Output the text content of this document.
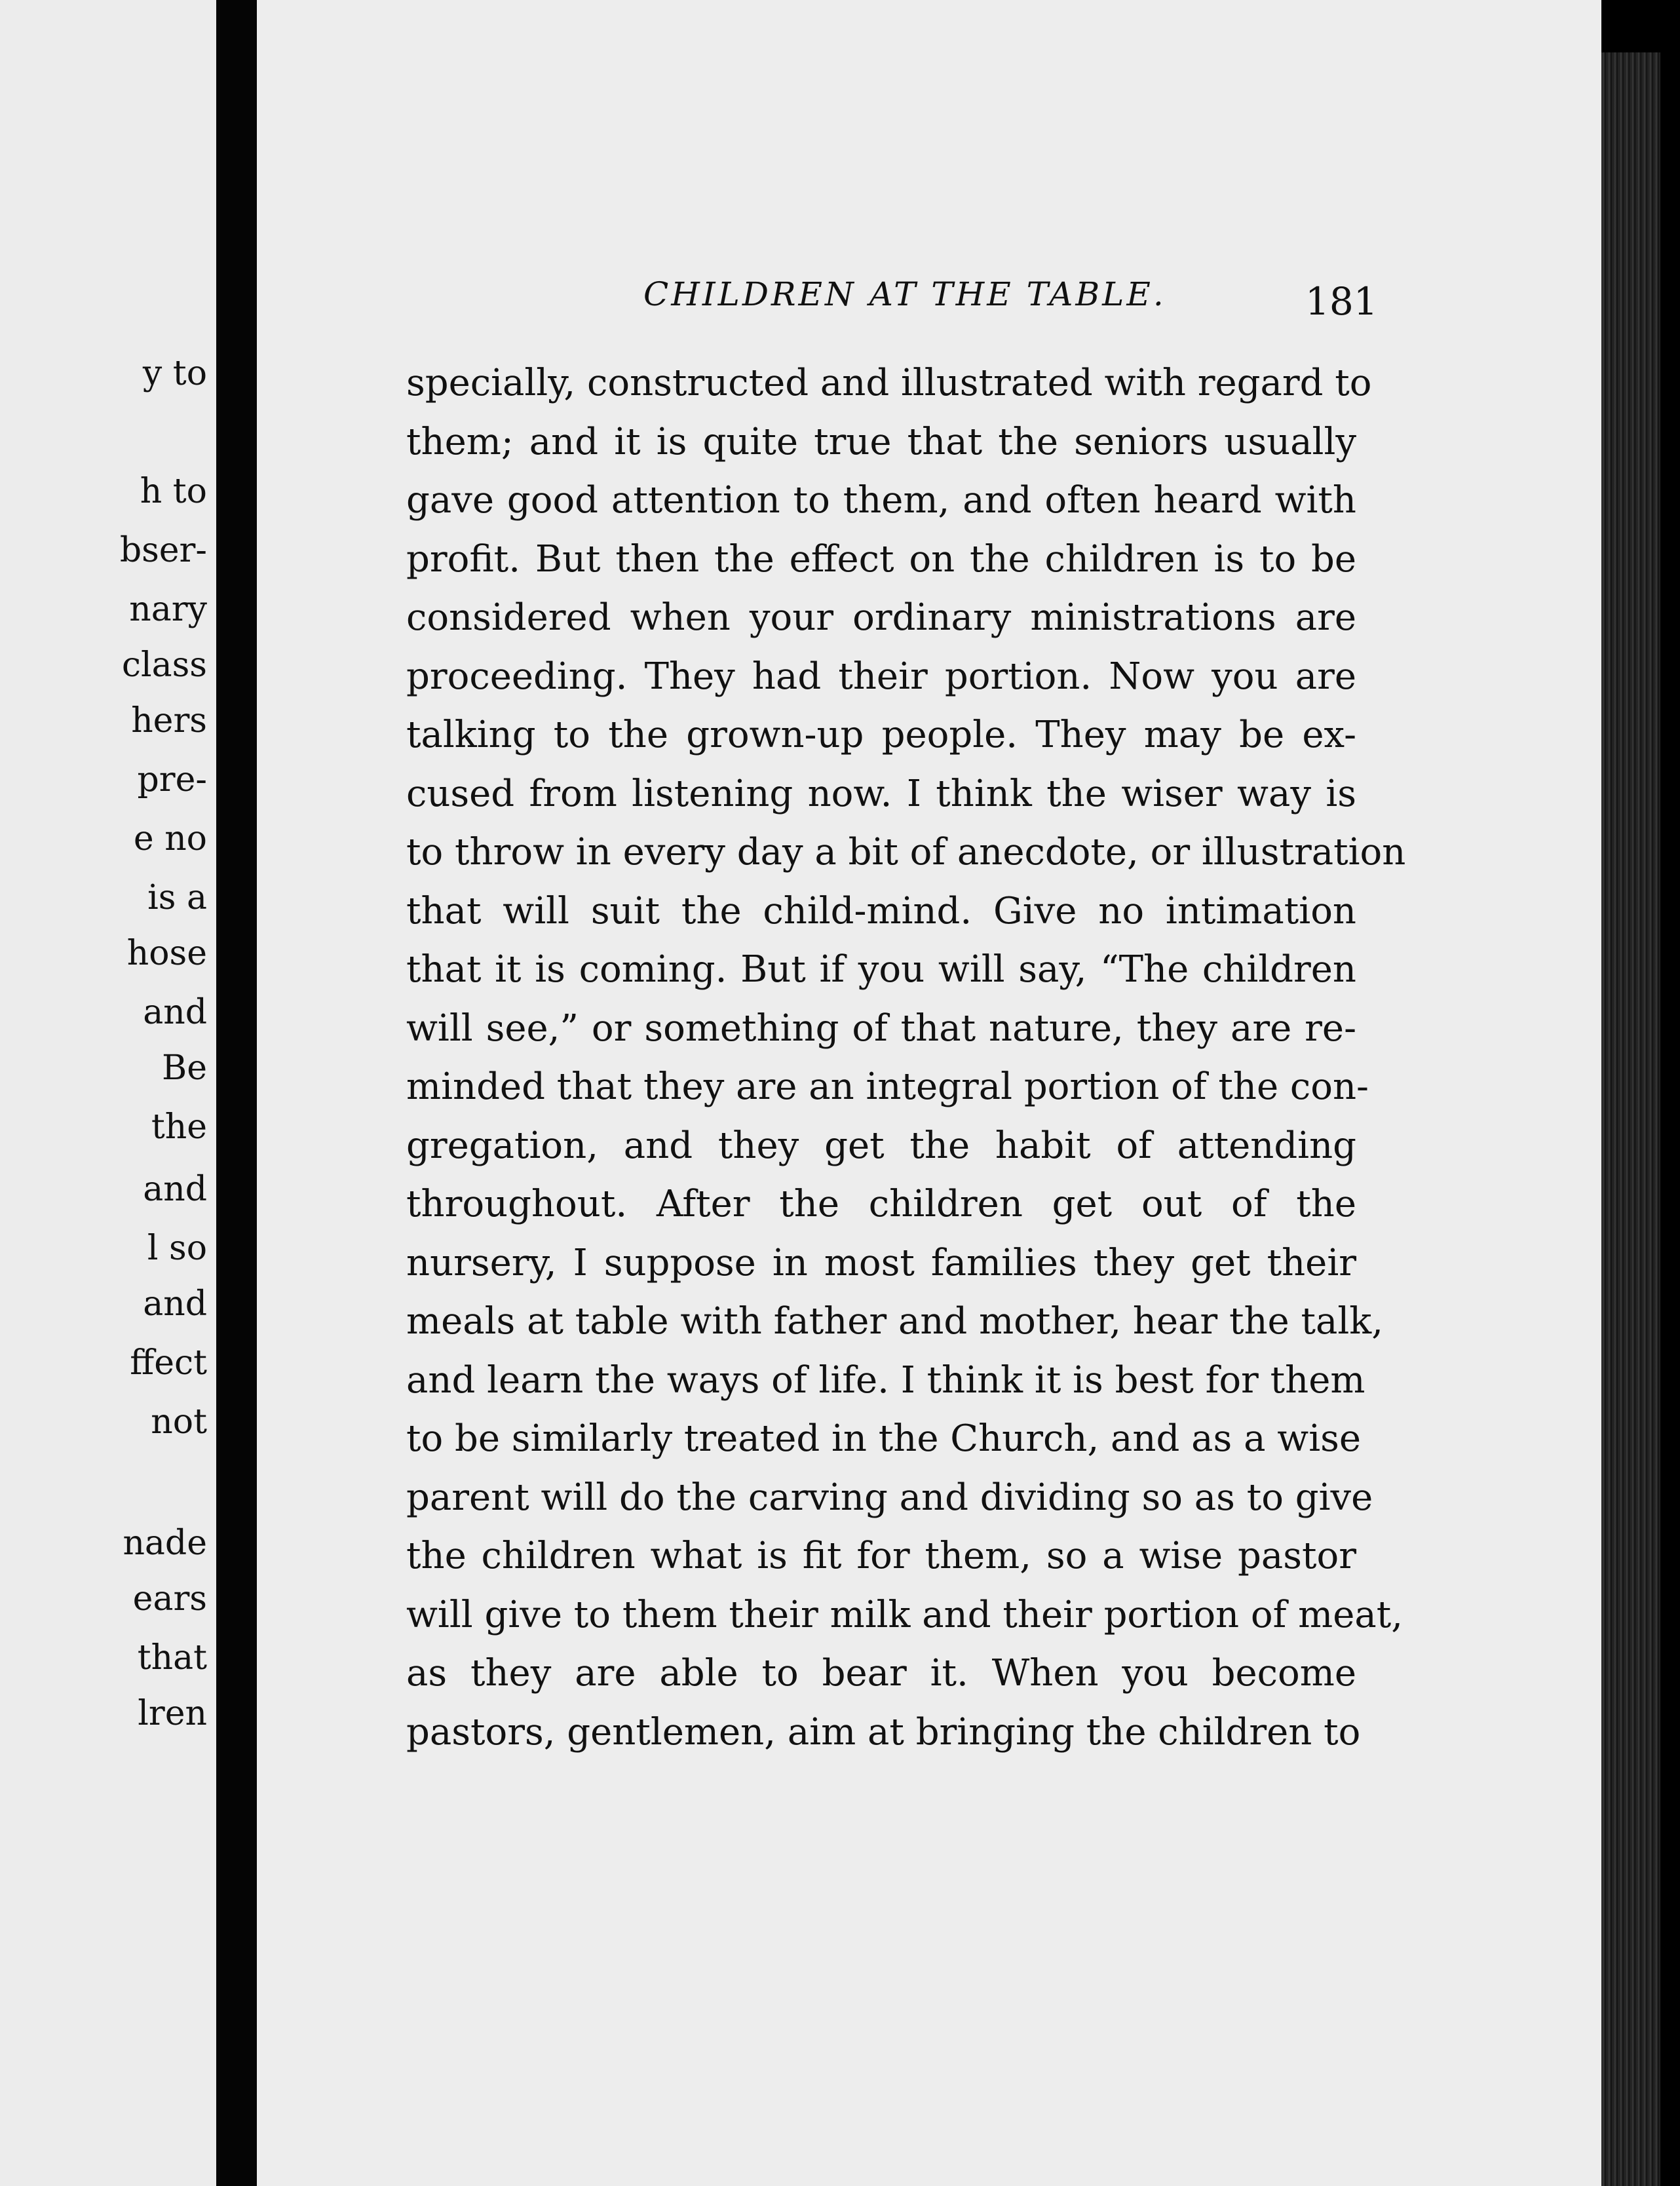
y to
h to
bser-
nary
class
hers
pre-
e no
is a
hose
and
Be
the
and
l so
and
ffect
not
nade
ears
that
lren
CHILDREN AT THE TABLE.	181
specially, constructed and illustrated with regard to
them; and it is quite true that the seniors usually
gave good attention to them, and often heard with
profit. But then the effect on the children is to be
considered when your ordinary ministrations are
proceeding. They had their portion. Now you are
talking to the grown-up people. They may be ex-
cused from listening now. I think the wiser way is
to throw in every day a bit of anecdote, or illustration
that will suit the child-mind. Give no intimation
that it is coming. But if you will say, “The children
will see,” or something of that nature, they are re-
minded that they are an integral portion of the con-
gregation, and they get the habit of attending
throughout. After the children get out of the
nursery, I suppose in most families they get their
meals at table with father and mother, hear the talk,
and learn the ways of life. I think it is best for them
to be similarly treated in the Church, and as a wise
parent will do the carving and dividing so as to give
the children what is fit for them, so a wise pastor
will give to them their milk and their portion of meat,
as they are able to bear it. When you become
pastors, gentlemen, aim at bringing the children to
